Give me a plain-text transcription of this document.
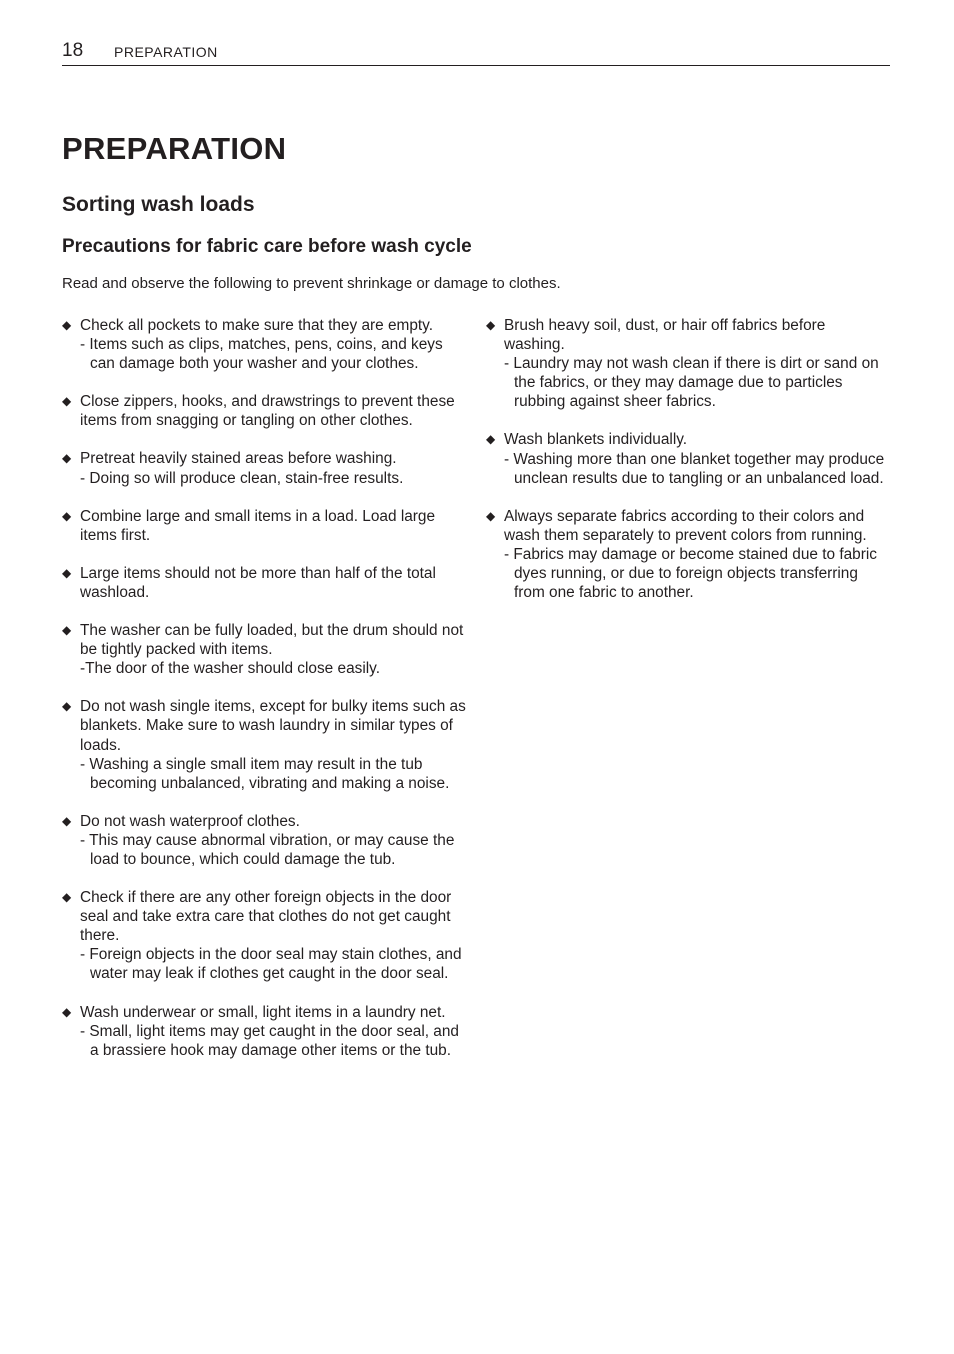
18 PREPARATION
PREPARATION
Sorting wash loads
Precautions for fabric care before wash cycle

Read and observe the following to prevent shrinkage or damage to clothes.

◆ Check all pockets to make sure that they are empty.
- Items such as clips, matches, pens, coins, and keys can damage both your washer and your clothes.
◆ Close zippers, hooks, and drawstrings to prevent these items from snagging or tangling on other clothes.
◆ Pretreat heavily stained areas before washing.
- Doing so will produce clean, stain-free results.
◆ Combine large and small items in a load. Load large items first.
◆ Large items should not be more than half of the total washload.
◆ The washer can be fully loaded, but the drum should not be tightly packed with items.
-The door of the washer should close easily.
◆ Do not wash single items, except for bulky items such as blankets. Make sure to wash laundry in similar types of loads.
- Washing a single small item may result in the tub becoming unbalanced, vibrating and making a noise.
◆ Do not wash waterproof clothes.
- This may cause abnormal vibration, or may cause the load to bounce, which could damage the tub.
◆ Check if there are any other foreign objects in the door seal and take extra care that clothes do not get caught there.
- Foreign objects in the door seal may stain clothes, and water may leak if clothes get caught in the door seal.
◆ Wash underwear or small, light items in a laundry net.
- Small, light items may get caught in the door seal, and a brassiere hook may damage other items or the tub.
◆ Brush heavy soil, dust, or hair off fabrics before washing.
- Laundry may not wash clean if there is dirt or sand on the fabrics, or they may damage due to particles rubbing against sheer fabrics.
◆ Wash blankets individually.
- Washing more than one blanket together may produce unclean results due to tangling or an unbalanced load.
◆ Always separate fabrics according to their colors and wash them separately to prevent colors from running.
- Fabrics may damage or become stained due to fabric dyes running, or due to foreign objects transferring from one fabric to another.
